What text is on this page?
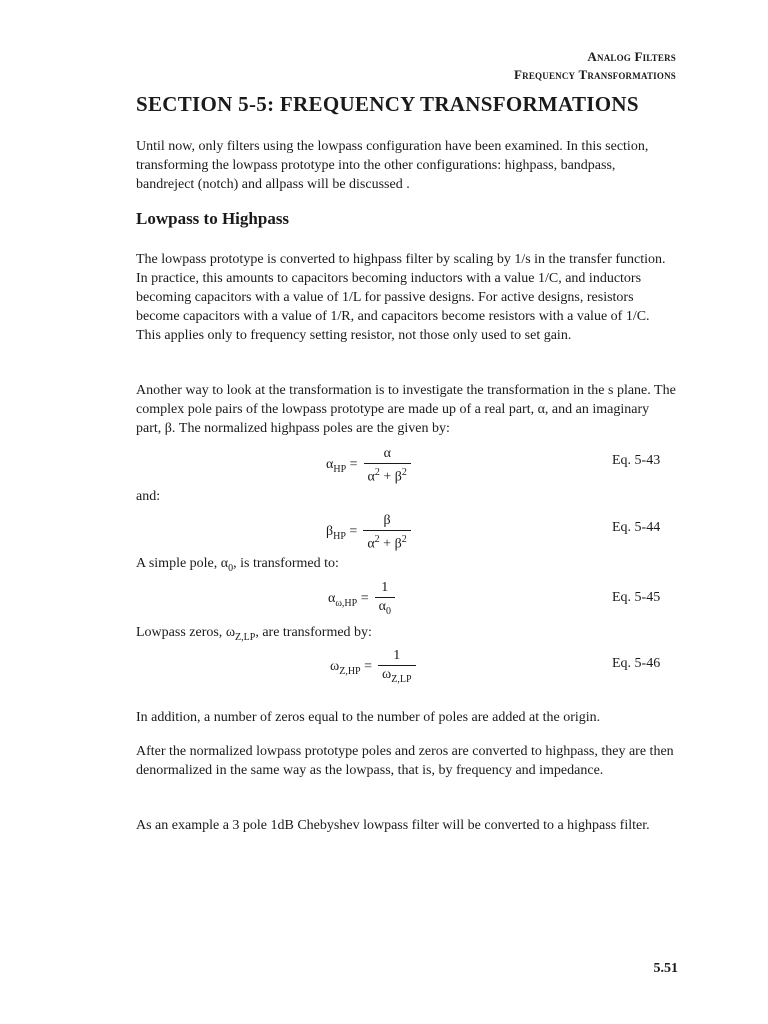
Analog Filters
Frequency Transformations
SECTION 5-5: FREQUENCY TRANSFORMATIONS

Until now, only filters using the lowpass configuration have been examined. In this section, transforming the lowpass prototype into the other configurations: highpass, bandpass, bandreject (notch) and allpass will be discussed .

Lowpass to Highpass

The lowpass prototype is converted to highpass filter by scaling by 1/s in the transfer function. In practice, this amounts to capacitors becoming inductors with a value 1/C, and inductors becoming capacitors with a value of 1/L for passive designs. For active designs, resistors become capacitors with a value of 1/R, and capacitors become resistors with a value of 1/C. This applies only to frequency setting resistor, not those only used to set gain.

Another way to look at the transformation is to investigate the transformation in the s plane. The complex pole pairs of the lowpass prototype are made up of a real part, α, and an imaginary part, β. The normalized highpass poles are the given by:

$\alpha_{HP} = \frac{\alpha}{\alpha^2 + \beta^2}$	Eq. 5-43

and:

$\beta_{HP} = \frac{\beta}{\alpha^2 + \beta^2}$	Eq. 5-44

A simple pole, $\alpha_0$, is transformed to:

$\alpha_{\omega,HP} = \frac{1}{\alpha_0}$	Eq. 5-45

Lowpass zeros, $\omega_{Z,LP}$, are transformed by:

$\omega_{Z,HP} = \frac{1}{\omega_{Z,LP}}$	Eq. 5-46

In addition, a number of zeros equal to the number of poles are added at the origin.

After the normalized lowpass prototype poles and zeros are converted to highpass, they are then denormalized in the same way as the lowpass, that is, by frequency and impedance.

As an example a 3 pole 1dB Chebyshev lowpass filter will be converted to a highpass filter.

5.51
